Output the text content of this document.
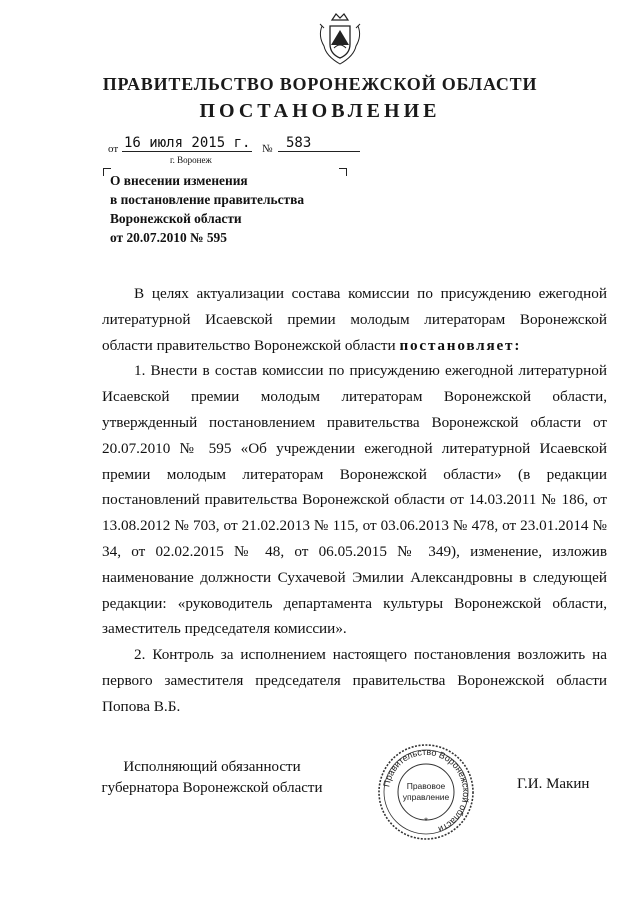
ПРАВИТЕЛЬСТВО ВОРОНЕЖСКОЙ ОБЛАСТИ
ПОСТАНОВЛЕНИЕ
от 16 июля 2015 г. № 583
г. Воронеж
О внесении изменения
в постановление правительства
Воронежской области
от 20.07.2010 № 595

В целях актуализации состава комиссии по присуждению ежегодной литературной Исаевской премии молодым литераторам Воронежской области правительство Воронежской области постановляет:

1. Внести в состав комиссии по присуждению ежегодной литературной Исаевской премии молодым литераторам Воронежской области, утвержденный постановлением правительства Воронежской области от 20.07.2010 № 595 «Об учреждении ежегодной литературной Исаевской премии молодым литераторам Воронежской области» (в редакции постановлений правительства Воронежской области от 14.03.2011 № 186, от 13.08.2012 № 703, от 21.02.2013 № 115, от 03.06.2013 № 478, от 23.01.2014 № 34, от 02.02.2015 № 48, от 06.05.2015 № 349), изменение, изложив наименование должности Сухачевой Эмилии Александровны в следующей редакции: «руководитель департамента культуры Воронежской области, заместитель председателя комиссии».

2. Контроль за исполнением настоящего постановления возложить на первого заместителя председателя правительства Воронежской области Попова В.Б.

Исполняющий обязанности
губернатора Воронежской области	Правительство Воронежской области
Правовое
управление
*
Г.И. Макин
